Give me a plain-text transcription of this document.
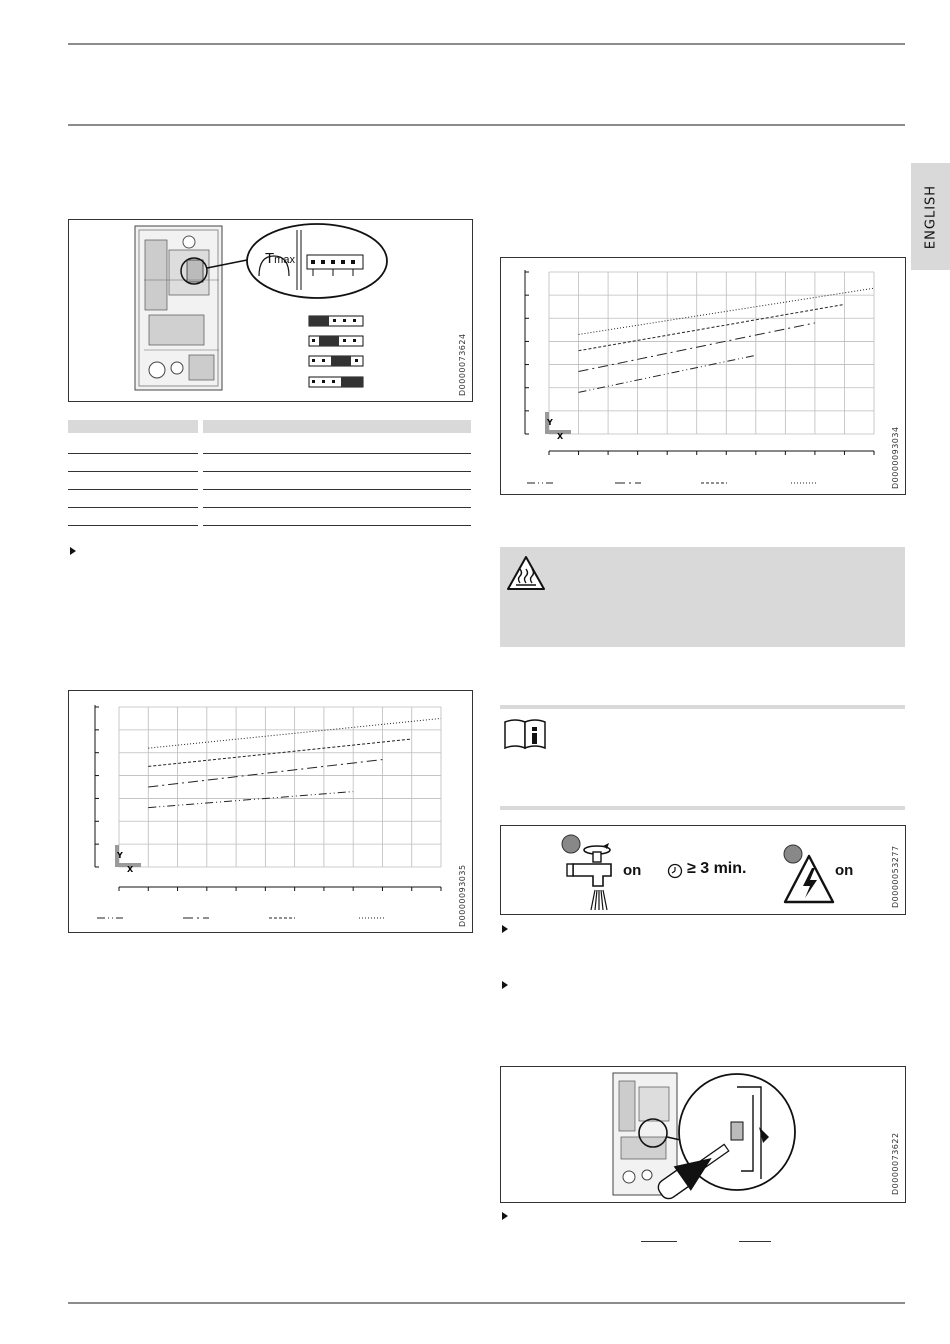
ENGLISH
Tmax
D0000073624
Y
X	D0000093035
Y
X	D0000093034
on	≥ 3 min.	on	D0000053277
D0000073622
